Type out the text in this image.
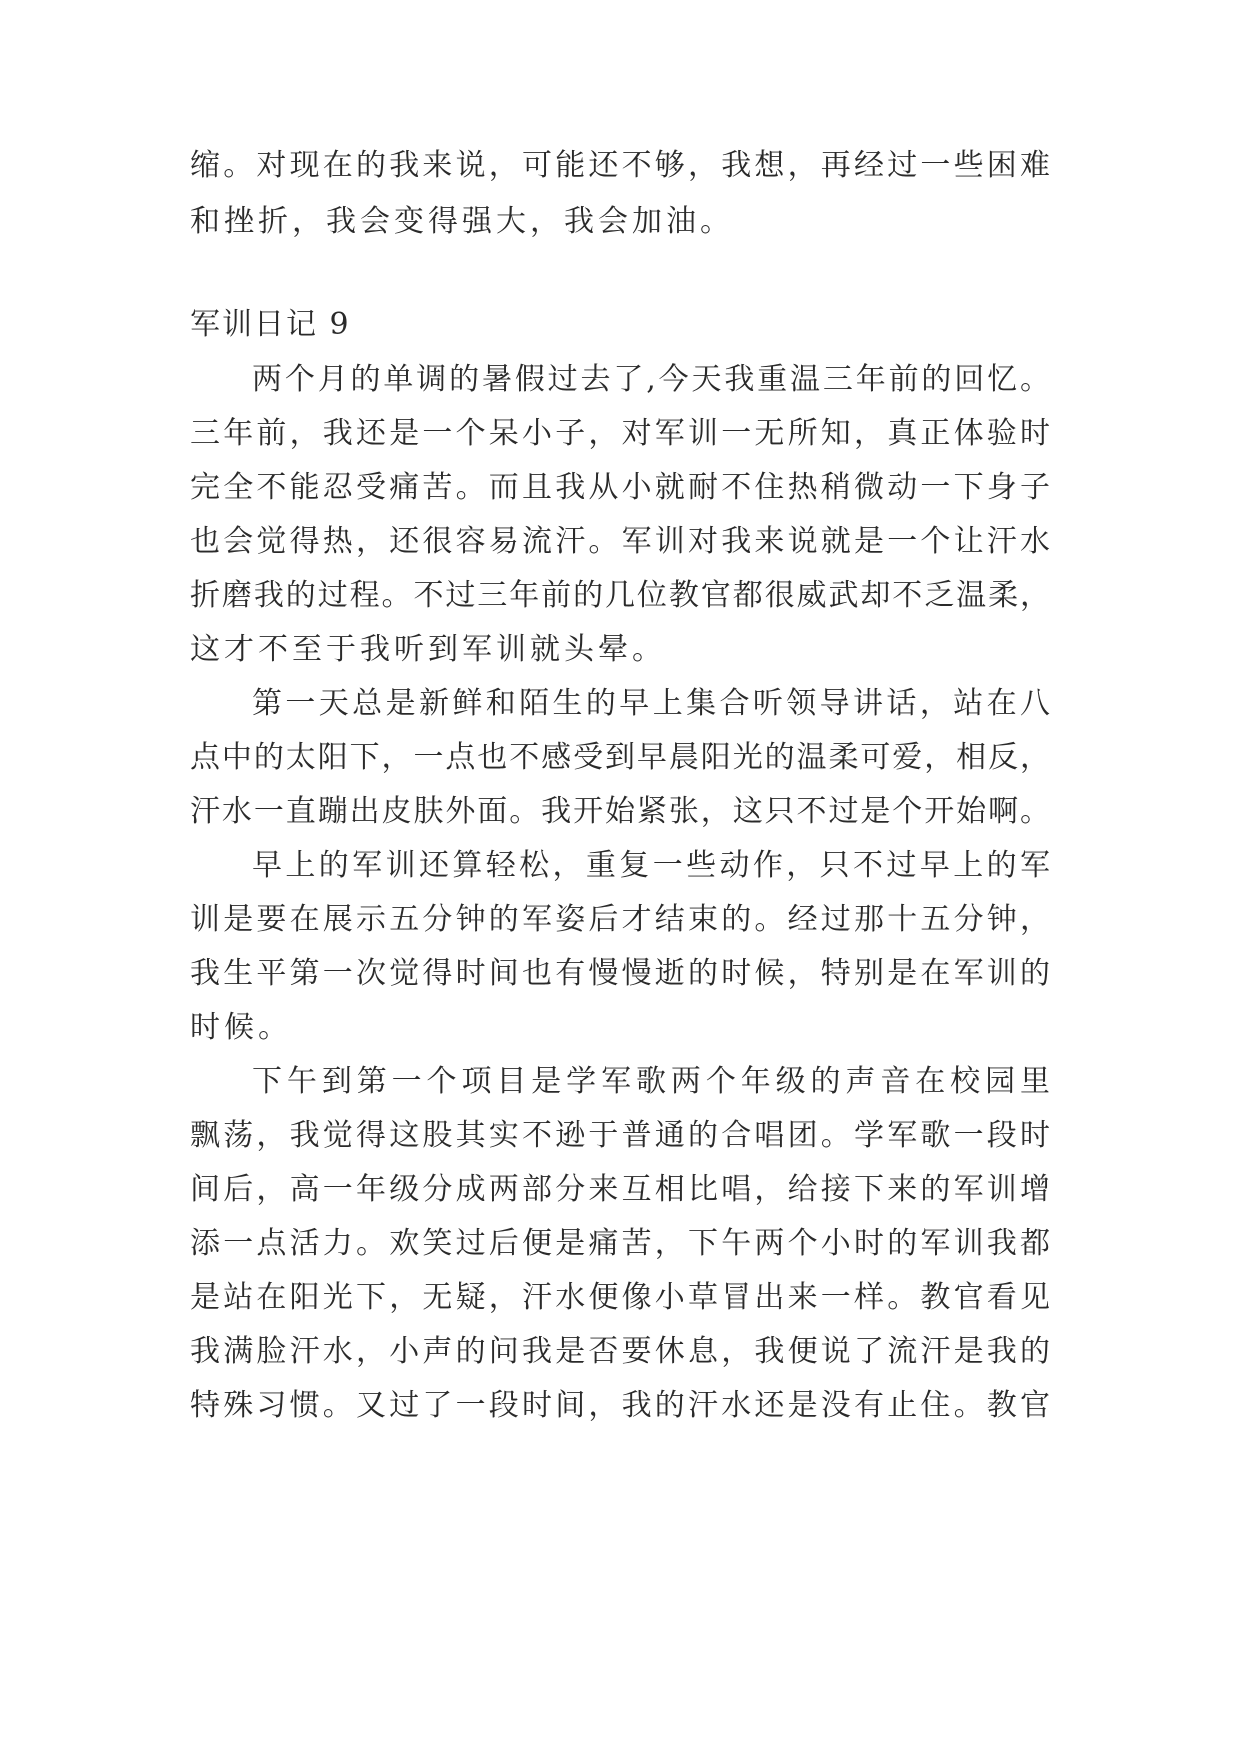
缩。对现在的我来说，可能还不够，我想，再经过一些困难
和挫折，我会变得强大，我会加油。
军训日记 9
两个月的单调的暑假过去了,今天我重温三年前的回忆。
三年前，我还是一个呆小子，对军训一无所知，真正体验时
完全不能忍受痛苦。而且我从小就耐不住热稍微动一下身子
也会觉得热，还很容易流汗。军训对我来说就是一个让汗水
折磨我的过程。不过三年前的几位教官都很威武却不乏温柔，
这才不至于我听到军训就头晕。
第一天总是新鲜和陌生的早上集合听领导讲话，站在八
点中的太阳下，一点也不感受到早晨阳光的温柔可爱，相反，
汗水一直蹦出皮肤外面。我开始紧张，这只不过是个开始啊。
早上的军训还算轻松，重复一些动作，只不过早上的军
训是要在展示五分钟的军姿后才结束的。经过那十五分钟，
我生平第一次觉得时间也有慢慢逝的时候，特别是在军训的
时候。
下午到第一个项目是学军歌两个年级的声音在校园里
飘荡，我觉得这股其实不逊于普通的合唱团。学军歌一段时
间后，高一年级分成两部分来互相比唱，给接下来的军训增
添一点活力。欢笑过后便是痛苦，下午两个小时的军训我都
是站在阳光下，无疑，汗水便像小草冒出来一样。教官看见
我满脸汗水，小声的问我是否要休息，我便说了流汗是我的
特殊习惯。又过了一段时间，我的汗水还是没有止住。教官
